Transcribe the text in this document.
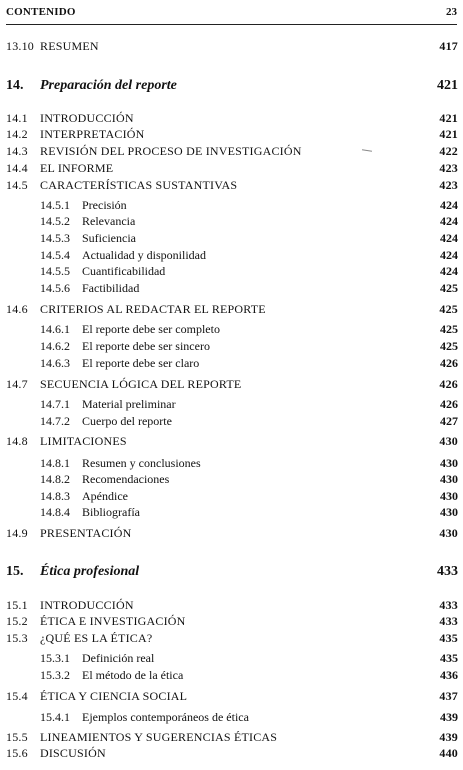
CONTENIDO	23
13.10 RESUMEN	417
14. Preparación del reporte	421
14.1 INTRODUCCIÓN	421
14.2 INTERPRETACIÓN	421
14.3 REVISIÓN DEL PROCESO DE INVESTIGACIÓN	422
14.4 EL INFORME	423
14.5 CARACTERÍSTICAS SUSTANTIVAS	423
14.5.1 Precisión	424
14.5.2 Relevancia	424
14.5.3 Suficiencia	424
14.5.4 Actualidad y disponilidad	424
14.5.5 Cuantificabilidad	424
14.5.6 Factibilidad	425
14.6 CRITERIOS AL REDACTAR EL REPORTE	425
14.6.1 El reporte debe ser completo	425
14.6.2 El reporte debe ser sincero	425
14.6.3 El reporte debe ser claro	426
14.7 SECUENCIA LÓGICA DEL REPORTE	426
14.7.1 Material preliminar	426
14.7.2 Cuerpo del reporte	427
14.8 LIMITACIONES	430
14.8.1 Resumen y conclusiones	430
14.8.2 Recomendaciones	430
14.8.3 Apéndice	430
14.8.4 Bibliografía	430
14.9 PRESENTACIÓN	430
15. Ética profesional	433
15.1 INTRODUCCIÓN	433
15.2 ÉTICA E INVESTIGACIÓN	433
15.3 ¿QUÉ ES LA ÉTICA?	435
15.3.1 Definición real	435
15.3.2 El método de la ética	436
15.4 ÉTICA Y CIENCIA SOCIAL	437
15.4.1 Ejemplos contemporáneos de ética	439
15.5 LINEAMIENTOS Y SUGERENCIAS ÉTICAS	439
15.6 DISCUSIÓN	440
